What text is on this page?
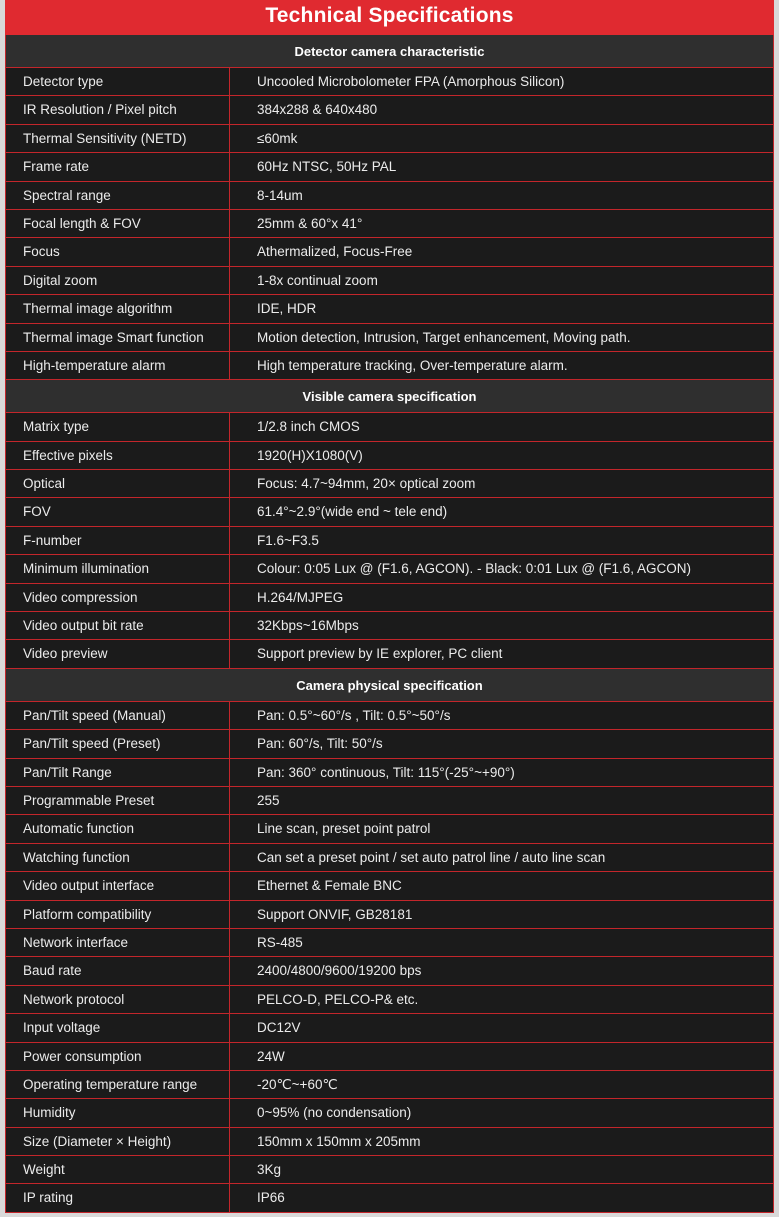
Technical Specifications
Detector camera characteristic
Detector type	Uncooled Microbolometer FPA (Amorphous Silicon)
IR Resolution / Pixel pitch	384x288 & 640x480
Thermal Sensitivity (NETD)	≤60mk
Frame rate	60Hz NTSC, 50Hz PAL
Spectral range	8-14um
Focal length & FOV	25mm & 60°x 41°
Focus	Athermalized, Focus-Free
Digital zoom	1-8x continual zoom
Thermal image algorithm	IDE, HDR
Thermal image Smart function	Motion detection, Intrusion, Target enhancement, Moving path.
High-temperature alarm	High temperature tracking, Over-temperature alarm.
Visible camera specification
Matrix type	1/2.8 inch CMOS
Effective pixels	1920(H)X1080(V)
Optical	Focus: 4.7~94mm, 20× optical zoom
FOV	61.4°~2.9°(wide end ~ tele end)
F-number	F1.6~F3.5
Minimum illumination	Colour: 0:05 Lux @ (F1.6, AGCON). - Black: 0:01 Lux @ (F1.6, AGCON)
Video compression	H.264/MJPEG
Video output bit rate	32Kbps~16Mbps
Video preview	Support preview by IE explorer, PC client
Camera physical specification
Pan/Tilt speed (Manual)	Pan: 0.5°~60°/s , Tilt: 0.5°~50°/s
Pan/Tilt speed (Preset)	Pan: 60°/s, Tilt: 50°/s
Pan/Tilt Range	Pan: 360° continuous, Tilt: 115°(-25°~+90°)
Programmable Preset	255
Automatic function	Line scan, preset point patrol
Watching function	Can set a preset point / set auto patrol line / auto line scan
Video output interface	Ethernet & Female BNC
Platform compatibility	Support ONVIF, GB28181
Network interface	RS-485
Baud rate	2400/4800/9600/19200 bps
Network protocol	PELCO-D, PELCO-P& etc.
Input voltage	DC12V
Power consumption	24W
Operating temperature range	-20℃~+60℃
Humidity	0~95% (no condensation)
Size (Diameter × Height)	150mm x 150mm x 205mm
Weight	3Kg
IP rating	IP66
